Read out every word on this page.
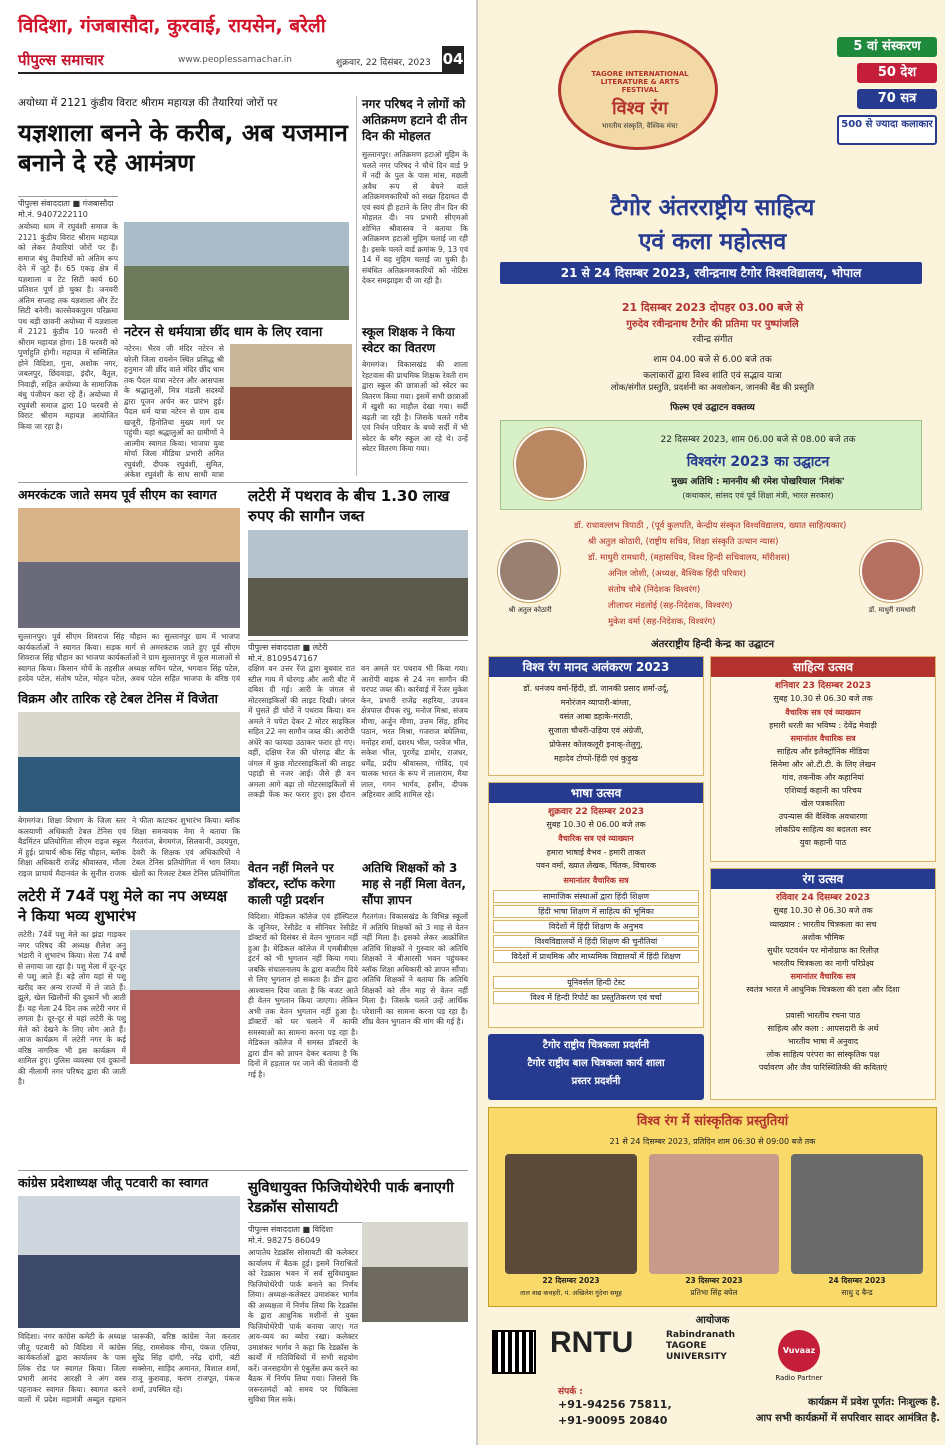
विदिशा, गंजबासौदा, कुरवाई, रायसेन, बरेली
पीपुल्स समाचार	www.peoplessamachar.in	शुक्रवार, 22 दिसंबर, 2023 04
अयोध्या में 2121 कुंडीय विराट श्रीराम महायज्ञ की तैयारियां जोरों पर
यज्ञशाला बनने के करीब, अब यजमान बनाने दे रहे आमंत्रण
पीपुल्स संवाददाता ■ गंजबासौदा
मो.नं. 9407222110
अयोध्या धाम में रघुवंशी समाज के 2121 कुंडीय विराट श्रीराम महायज्ञ को लेकर तैयारियां जोरों पर हैं। समाज बंधु तैयारियों को अंतिम रूप देने में जुटे हैं। 65 एकड़ क्षेत्र में यज्ञशाला व टेंट सिटी कार्य 60 प्रतिशत पूर्ण हो चुका है। जनवरी अंतिम सप्ताह तक यज्ञशाला और टेंट सिटी बनेगी। कारसेवकपुरम परिक्रमा पथ बड़ी छावनी अयोध्या में यज्ञशाला में 2121 कुंडीय 10 फरवरी से श्रीराम महायज्ञ होगा। 18 फरवरी को पूर्णाहुति होगी। महायज्ञ में सम्मिलित होने विदिशा, गुना, अशोक नगर, जबलपुर, छिंदवाड़ा, इंदौर, बैतूल, निवाड़ी, सहित अयोध्या के सामाजिक बंधु पंजीयन करा रहे हैं। अयोध्या में रघुवंशी समाज द्वारा 10 फरवरी से विराट श्रीराम महायज्ञ आयोजित किया जा रहा है।
नगर परिषद ने लोगों को अतिक्रमण हटाने दी तीन दिन की मोहलत
सुल्तानपुर। अतिक्रमण हटाओ मुहिम के चलते नगर परिषद ने चौथे दिन वार्ड 9 में नदी के पुल के पास मांस, मछली अवैध रूप से बेचने वाले अतिक्रमणकारियों को सख्त हिदायत दी एवं स्वयं ही हटाने के लिए तीन दिन की मोहलत दी। नप प्रभारी सीएमओ शोभित श्रीवास्तव ने बताया कि अतिक्रमण हटाओ मुहिम चलाई जा रही है। इसके चलते वार्ड क्रमांक 9, 13 एवं 14 में यह मुहिम चलाई जा चुकी है। संबंधित अतिक्रमणकारियों को नोटिस देकर समझाइश दी जा रही है।
नटेरन से धर्मयात्रा छींद धाम के लिए रवाना
नटेरन। भैरव जी मंदिर नटेरन से बरेली जिला रायसेन स्थित प्रसिद्ध श्री हनुमान जी छींद वाले मंदिर छींद धाम तक पैदल यात्रा नटेरन और आसपास के श्रद्धालुओं, मित्र मंडली सदस्यों द्वारा पूजन अर्चन कर प्रारंभ हुई। पैदल धर्म यात्रा नटेरन से ग्राम दाब खजूरी, हिनोतिया मुख्य मार्ग पर पहुंची। यहां श्रद्धालुओं का ग्रामीणों ने आत्मीय स्वागत किया। भाजपा युवा मोर्चा जिला मीडिया प्रभारी अमित रघुवंशी, दीपक रघुवंशी, सुमित, अंकेश रघुवंशी के साथ साथी यात्रा
स्कूल शिक्षक ने किया स्वेटर का वितरण
बेगमगंज। विकासखंड की शाला रेहटवास की प्राथमिक शिक्षक रेवती राम द्वारा स्कूल की छात्राओं को स्वेटर का वितरण किया गया। इसमें सभी छात्राओं में खुशी का माहौल देखा गया। सर्दी बढ़ती जा रही है। जिसके चलते गरीब एवं निर्धन परिवार के बच्चे सर्दी में भी स्वेटर के बगैर स्कूल आ रहे थे। उन्हें स्वेटर वितरण किया गया।
अमरकंटक जाते समय पूर्व सीएम का स्वागत
सुल्तानपुर। पूर्व सीएम शिवराज सिंह चौहान का सुल्तानपुर ग्राम में भाजपा कार्यकर्ताओं ने स्वागत किया। सड़क मार्ग से अमरकंटक जाते हुए पूर्व सीएम शिवराज सिंह चौहान का भाजपा कार्यकर्ताओं ने ग्राम सुल्तानपुर में फूल मालाओं से स्वागत किया। किसान मोर्चे के तहसील अध्यक्ष सचिन पटेल, भगवान सिंह पटेल, हरदेव पटेल, संतोष पटेल, मोहन पटेल, अवध पटेल सहित भाजपा के वरिष्ठ एवं
लटेरी में पथराव के बीच 1.30 लाख रुपए की सागौन जब्त
पीपुल्स संवाददाता ■ लटेरी
मो.नं. 8109547167
दक्षिण वन उत्तर रेंज द्वारा बुधवार रात स्टील गाय में घोरगड़ और आरी बीट में दबिश दी गई। आरी के जंगल से मोटरसाइकिलों की लाइट दिखी। जंगल में घुसते ही चोरों ने पथराव किया। वन अमले ने चपेटा देकर 2 मोटर साइकिल सहित 22 नग सागौन जब्त की। आरोपी अंधेरे का फायदा उठाकर फरार हो गए। वहीं, दक्षिण रेंज की घोरगढ़ बीट के जंगल में कुछ मोटरसाइकिलों की लाइट पहाड़ी से नजर आई। जैसे ही वन अमला आगे बढ़ा तो मोटरसाइकिलों से लकड़ी फेंक कर फरार हुए। इस दौरान वन अमले पर पथराव भी किया गया। आरोपी बाइक से 24 नग सागौन की चरपट जब्त की। कार्रवाई में रेंजर मुकेश केन, प्रभारी राजेंद्र सहरिया, उपवन क्षेत्रपाल दीपक रघु, मनोज मिश्रा, संजय मीणा, अर्जुन मीणा, उत्तम सिंह, हमिद पठान, भरत मिश्रा, गजराज बघेलिया, मनोहर शर्मा, दशरथ भील, परवेज भील, सकेश भील, पूरणेंद्र डामोर, राजधर, धर्मेंद्र, प्रदीप श्रीवास्तव, गोविंद, एवं चालक भारत के रूप में लालाराम, मैया लाल, गगन भार्गव, हसीन, दीपक अहिरवार आदि शामिल रहे।
विक्रम और तारिक रहे टेबल टेनिस में विजेता
बेगमगंज। शिक्षा विभाग के जिला स्तर कलयाणी अधिकारी टेबल टेनिस एवं बैडमिंटन प्रतियोगिता सीएम राइज स्कूल में हुई। प्राचार्य श्रीक सिंह चौहान, ब्लॉक शिक्षा अधिकारी राजेंद्र श्रीवास्तव, मौला राइज प्राचार्य मैदानवंत के सुनील राजक ने फीता काटकर शुभारंभ किया। ब्लॉक शिक्षा समन्वयक नेमा ने बताया कि गैरतगंज, बेगमगंज, सिलवानी, उदयपुरा, देवरी के शिक्षक एवं अधिकारियों ने टेबल टेनिस प्रतियोगिता में भाग लिया। खेलों का रिजल्ट टेबल टेनिस प्रतियोगिता वेतन नहीं मिलने पर डॉक्टर, स्टॉफ करेगा काली पट्टी प्रदर्शन
विदिशा। मेडिकल कॉलेज एवं हॉस्पिटल के जूनियर, रेसीडेंट व सीनियर रेसीडेंट डॉक्टरों को दिसंबर से वेतन भुगतान नहीं हुआ है। मेडिकल कॉलेज में एमबीबीएस इंटर्न को भी भुगतान नहीं किया गया। जबकि संचालनालय के द्वारा बजटीय दिये से लिए भुगतान हो सकता है। डीन द्वारा आश्वासन दिया जाता है कि बजट आते ही वेतन भुगतान किया जाएगा। लेकिन अभी तक वेतन भुगतान नहीं हुआ है। डॉक्टरों को घर चलाने में काफी समस्याओं का सामना करना पड़ रहा है। मेडिकल कॉलेज में समस्त डॉक्टरों के द्वारा डीन को ज्ञापन देकर बताया है कि दिनों में हड़ताल पर जाने की चेतावनी दी गई है।
अतिथि शिक्षकों को 3 माह से नहीं मिला वेतन, सौंपा ज्ञापन
गैरतगंज। विकासखंड के विभिन्न स्कूलों में अतिथि शिक्षकों को 3 माह से वेतन नहीं मिला है। इसको लेकर आक्रोशित अतिथि शिक्षकों ने गुरुवार को अतिथि शिक्षकों ने बीआरसी भवन पहुंचकर ब्लॉक शिक्षा अधिकारी को ज्ञापन सौंपा। अतिथि शिक्षकों ने बताया कि अतिथि शिक्षकों को तीन माह से वेतन नहीं मिला है। जिसके चलते उन्हें आर्थिक परेशानी का सामना करना पड़ रहा है। शीघ्र वेतन भुगतान की मांग की गई है।
लटेरी में 74वें पशु मेले का नप अध्यक्ष ने किया भव्य शुभारंभ
लटेरी। 74वें पशु मेले का झंडा गाड़कर नगर परिषद की अध्यक्ष शैलेश अनु भंडारी ने शुभारंभ किया। मेला 74 वर्षों से लगाया जा रहा है। पशु मेला में दूर-दूर से पशु आते हैं। बड़े लोग यहां से पशु खरीद कर अन्य राज्यों में ले जाते हैं। झूले, खेल खिलौनों की दुकानें भी आती हैं। यह मेला 24 दिन तक लटेरी नगर में लगता है। दूर-दूर से यहां लटेरी के पशु मेले को देखने के लिए लोग आते हैं। आज कार्यक्रम में लटेरी नगर के कई वरिष्ठ नागरिक भी इस कार्यक्रम में शामिल हुए। पुलिस व्यवस्था एवं दुकानों की नीलामी नगर परिषद द्वारा की जाती है।
कांग्रेस प्रदेशाध्यक्ष जीतू पटवारी का स्वागत
विदिशा। नगर कांग्रेस कमेटी के अध्यक्ष जीतू पटवारी को विदिशा में कांग्रेस कार्यकर्ताओं द्वारा कार्यालय के पास लिंक रोड पर स्वागत किया। जिला प्रभारी आनंद आरक्षी ने अंग वस्त्र पहनाकर स्वागत किया। स्वागत करने वालों में प्रदेश महामंत्री अब्दुल रहमान फारूकी, बरिष्ठ कांग्रेस नेता करतार सिंह, रामसेवक मीना, पंकज एलिया, सुरेंद्र सिंह दांगी, नरेंद्र दांगी, बंटी सक्सेना, साहिद अमानत, विशाल शर्मा, राजू कुशवाह, करण राजपूत, पंकज शर्मा, उपस्थित रहे।
सुविधायुक्त फिजियोथेरेपी पार्क बनाएगी रेडक्रॉस सोसायटी
पीपुल्स संवाददाता ■ विदिशा
मो.नं. 98275 86049
आपातेय रेडक्रॉस सोसायटी की कलेक्टर कार्यालय में बैठक हुई। इसमें निराश्रितों को रेडक्रास भवन में सर्व सुविधायुक्त फिजियोथेरेपी पार्क बनाने का निर्णय लिया। अध्यक्ष-कलेक्टर उमाशंकर भार्गव की अध्यक्षता में निर्णय लिया कि रेडक्रॉस के द्वारा आधुनिक मशीनों से युक्त फिजियोथेरेपी पार्क बनाया जाए। गत आय-व्यय का ब्योरा रखा। कलेक्टर उमाशंकर भार्गव ने कहा कि रेडक्रॉस के कार्यों में गतिविधियों में सभी सहयोग करें। जनसहयोग से एंबुलेंस क्रय करने का बैठक में निर्णय लिया गया। जिससे कि जरूरतमंदों को समय पर चिकित्सा सुविधा मिल सके।
TAGORE INTERNATIONAL LITERATURE & ARTS FESTIVAL
विश्व रंग
भारतीय संस्कृति, वैश्विक मंच!
5 वां संस्करण
50 देश
70 सत्र
500 से ज्यादा कलाकार
टैगोर अंतरराष्ट्रीय साहित्य
एवं कला महोत्सव
21 से 24 दिसम्बर 2023, रवीन्द्रनाथ टैगोर विश्वविद्यालय, भोपाल
21 दिसम्बर 2023 दोपहर 03.00 बजे से
गुरुदेव रवीन्द्रनाथ टैगोर की प्रतिमा पर पुष्पांजलि
रवीन्द्र संगीत
शाम 04.00 बजे से 6.00 बजे तक
कलाकारों द्वारा विश्व शांति एवं सद्भाव यात्रा
लोक/संगीत प्रस्तुति, प्रदर्शनी का अवलोकन, जानकी बैंड की प्रस्तुति
फिल्म एवं उद्घाटन वक्तव्य
22 दिसम्बर 2023, शाम 06.00 बजे से 08.00 बजे तक
विश्वरंग 2023 का उद्घाटन
मुख्य अतिथि : माननीय श्री रमेश पोखरियाल 'निशंक'
(कथाकार, सांसद एवं पूर्व शिक्षा मंत्री, भारत सरकार)
श्री अतुल कोठारी	डॉ. माधुरी रामधारी
डॉ. राधावल्लभ त्रिपाठी , (पूर्व कुलपति, केन्द्रीय संस्कृत विश्वविद्यालय, ख्यात साहित्यकार)
श्री अतुल कोठारी, (राष्ट्रीय सचिव, शिक्षा संस्कृति उत्थान न्यास)
डॉ. माधुरी रामधारी, (महासचिव, विश्व हिन्दी सचिवालय, मॉरीशस)
अनिल जोशी, (अध्यक्ष, वैश्विक हिंदी परिवार)
संतोष चौबे (निदेशक विश्वरंग)
लीलाधर मंडलोई (सह-निदेशक, विश्वरंग)
मुकेश वर्मा (सह-निदेशक, विश्वरंग)
अंतरराष्ट्रीय हिन्दी केन्द्र का उद्घाटन
विश्व रंग मानद अलंकरण 2023
डॉ. धनंजय वर्मा-हिंदी, डॉ. जानकी प्रसाद शर्मा-उर्दू,
मनोरंजन व्यापारी-बांग्ला,
वसंत आबा डहाके-मराठी,
सुजाता चौधरी-उड़िया एवं अंग्रेजी,
प्रोफेसर कोलकलूरी इनाक्-तेलुगु,
महादेव टोप्पो-हिंदी एवं कुड़ुख
साहित्य उत्सव
शनिवार 23 दिसम्बर 2023
सुबह 10.30 से 06.30 बजे तक
वैचारिक सत्र एवं व्याख्यान
हमारी धरती का भविष्य : देवेंद्र मेवाड़ी
समानांतर वैचारिक सत्र
साहित्य और इलेक्ट्रॉनिक मीडिया
सिनेमा और ओ.टी.टी. के लिए लेखन
गांव, तकनीक और कहानियां
एशियाई कहानी का परिचय
खेल पत्रकारिता
उपन्यास की वैश्विक अवधारणा
लोकप्रिय साहित्य का बदलता स्वर
युवा कहानी पाठ
भाषा उत्सव
शुक्रवार 22 दिसम्बर 2023
सुबह 10.30 से 06.00 बजे तक
वैचारिक सत्र एवं व्याख्यान
हमारा भाषाई वैभव - हमारी ताकत
पवन वर्मा, ख्यात लेखक, चिंतक, विचारक
समानांतर वैचारिक सत्र
सामाजिक संस्थाओं द्वारा हिंदी शिक्षण
हिंदी भाषा शिक्षण में साहित्य की भूमिका
विदेशों में हिंदी शिक्षण के अनुभव
विश्वविद्यालयों में हिंदी शिक्षण की चुनौतियां
विदेशों में प्राथमिक और माध्यमिक विद्यालयों में हिंदी शिक्षण
यूनिवर्सल हिन्दी टेस्ट
विश्व में हिन्दी रिपोर्ट का प्रस्तुतिकरण एवं चर्चा
रंग उत्सव
रविवार 24 दिसम्बर 2023
सुबह 10.30 से 06.30 बजे तक
व्याख्यान : भारतीय चित्रकला का सच
अशोक भौमिक
सुधीर पटवर्धन पर मोनोग्राफ का रिलीज़
भारतीय चित्रकला का नागी परिप्रेक्ष्य
समानांतर वैचारिक सत्र
स्वतंत्र भारत में आधुनिक चित्रकला की दशा और दिशा
प्रवासी भारतीय रचना पाठ
साहित्य और कला : आपसदारी के अर्थ
भारतीय भाषा में अनुवाद
लोक साहित्य परंपरा का सांस्कृतिक पक्ष
पर्यावरण और जैव पारिस्थितिकी की कविताएं
टैगोर राष्ट्रीय चित्रकला प्रदर्शनी
टैगोर राष्ट्रीय बाल चित्रकला कार्य शाला
प्रस्तर प्रदर्शनी
विश्व रंग में सांस्कृतिक प्रस्तुतियां
21 से 24 दिसम्बर 2023, प्रतिदिन शाम 06:30 से 09:00 बजे तक
22 दिसम्बर 2023
ताल वाद्य कचहरी, पं. अखिलेश गुंदेचा समूह
23 दिसम्बर 2023
प्रतिभा सिंह बघेल
24 दिसम्बर 2023
साधु द बैन्ड
आयोजक
RNTU	Rabindranath TAGORE UNIVERSITY
Vuvaaz
Radio Partner
संपर्क :
+91-94256 75811,
+91-90095 20840
कार्यक्रम में प्रवेश पूर्णत: निःशुल्क है.
आप सभी कार्यक्रमों में सपरिवार सादर आमंत्रित है.
